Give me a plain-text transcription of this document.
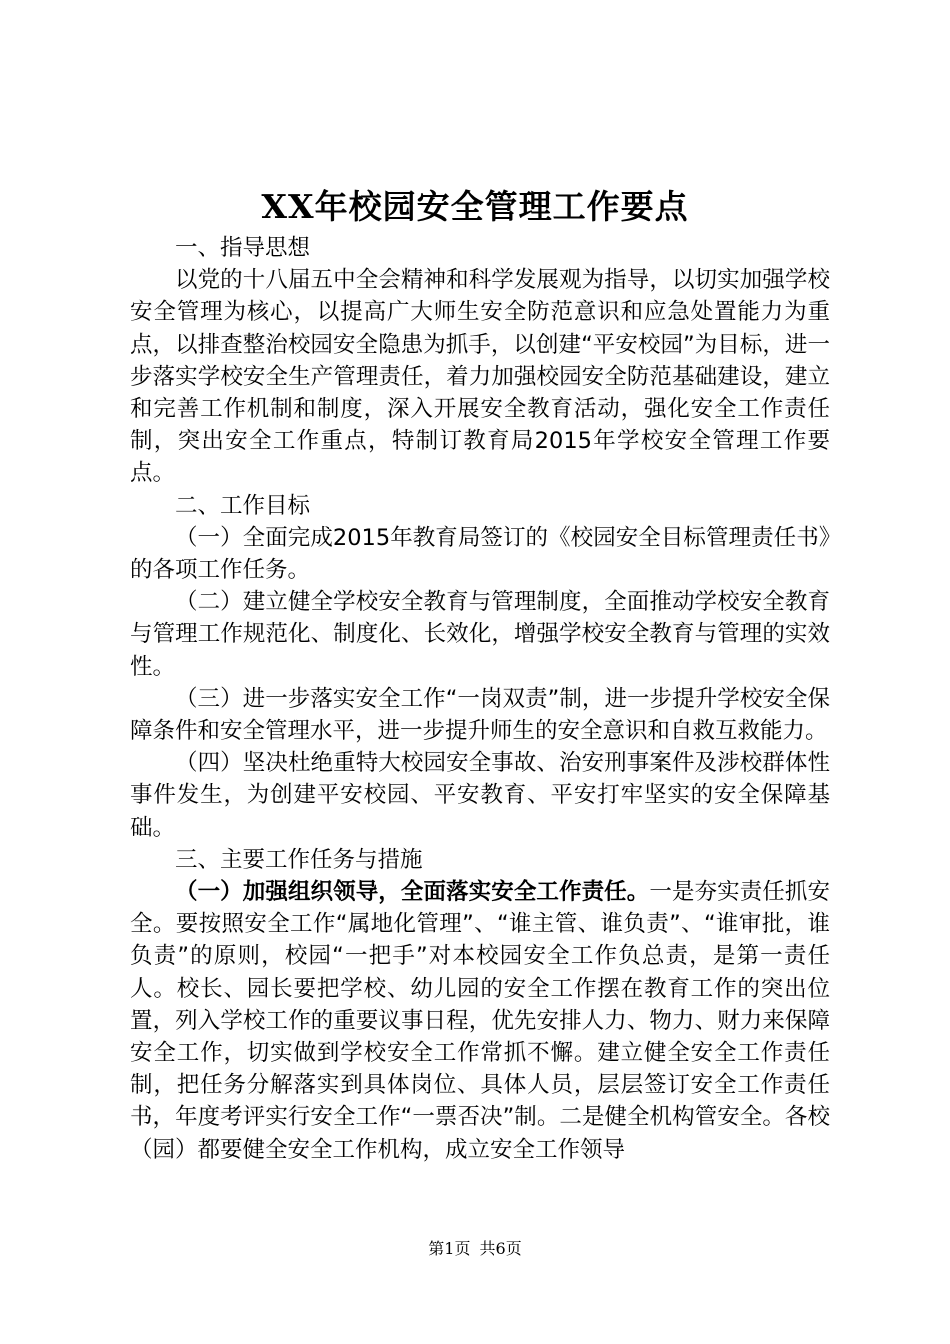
XX年校园安全管理工作要点

一、指导思想

以党的十八届五中全会精神和科学发展观为指导，以切实加强学校安全管理为核心，以提高广大师生安全防范意识和应急处置能力为重点，以排查整治校园安全隐患为抓手，以创建“平安校园”为目标，进一步落实学校安全生产管理责任，着力加强校园安全防范基础建设，建立和完善工作机制和制度，深入开展安全教育活动，强化安全工作责任制，突出安全工作重点，特制订教育局2015年学校安全管理工作要点。

二、工作目标

（一）全面完成2015年教育局签订的《校园安全目标管理责任书》的各项工作任务。

（二）建立健全学校安全教育与管理制度，全面推动学校安全教育与管理工作规范化、制度化、长效化，增强学校安全教育与管理的实效性。

（三）进一步落实安全工作“一岗双责”制，进一步提升学校安全保障条件和安全管理水平，进一步提升师生的安全意识和自救互救能力。

（四）坚决杜绝重特大校园安全事故、治安刑事案件及涉校群体性事件发生，为创建平安校园、平安教育、平安打牢坚实的安全保障基础。

三、主要工作任务与措施

（一）加强组织领导，全面落实安全工作责任。一是夯实责任抓安全。要按照安全工作“属地化管理”、“谁主管、谁负责”、“谁审批，谁负责”的原则，校园“一把手”对本校园安全工作负总责，是第一责任人。校长、园长要把学校、幼儿园的安全工作摆在教育工作的突出位置，列入学校工作的重要议事日程，优先安排人力、物力、财力来保障安全工作，切实做到学校安全工作常抓不懈。建立健全安全工作责任制，把任务分解落实到具体岗位、具体人员，层层签订安全工作责任书，年度考评实行安全工作“一票否决”制。二是健全机构管安全。各校（园）都要健全安全工作机构，成立安全工作领导

第1页 共6页
